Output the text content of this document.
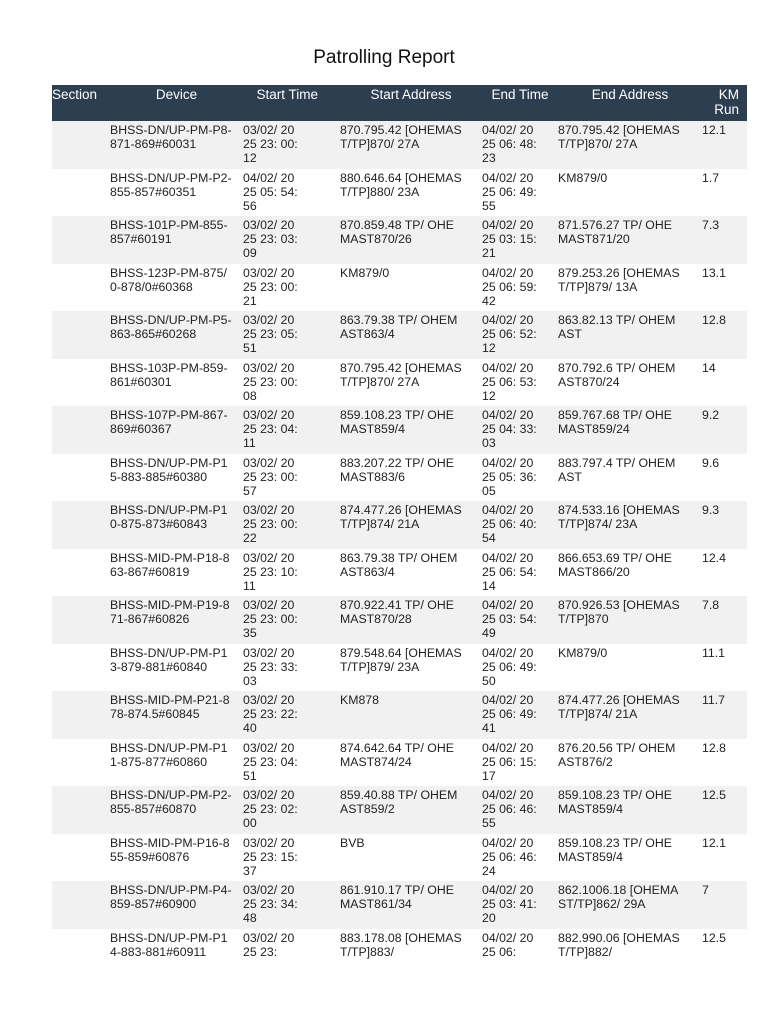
Patrolling Report
Section	Device	Start Time	Start Address	End Time	End Address	KM Run

	BHSS-DN/UP-PM-P8-871-869#60031	03/02/ 2025 23: 00:12	870.795.42 [OHEMAST/TP]870/ 27A	04/02/ 2025 06: 48:23	870.795.42 [OHEMAST/TP]870/ 27A	12.1

	BHSS-DN/UP-PM-P2-855-857#60351	04/02/ 2025 05: 54:56	880.646.64 [OHEMAST/TP]880/ 23A	04/02/ 2025 06: 49:55	KM879/0	1.7

	BHSS-101P-PM-855-857#60191	03/02/ 2025 23: 03:09	870.859.48 TP/ OHEMAST870/26	04/02/ 2025 03: 15:21	871.576.27 TP/ OHEMAST871/20	7.3

	BHSS-123P-PM-875/ 0-878/0#60368	03/02/ 2025 23: 00:21	KM879/0	04/02/ 2025 06: 59:42	879.253.26 [OHEMAST/TP]879/ 13A	13.1

	BHSS-DN/UP-PM-P5-863-865#60268	03/02/ 2025 23: 05:51	863.79.38 TP/ OHEMAST863/4	04/02/ 2025 06: 52:12	863.82.13 TP/ OHEMAST	12.8

	BHSS-103P-PM-859-861#60301	03/02/ 2025 23: 00:08	870.795.42 [OHEMAST/TP]870/ 27A	04/02/ 2025 06: 53:12	870.792.6 TP/ OHEMAST870/24	14

	BHSS-107P-PM-867-869#60367	03/02/ 2025 23: 04:11	859.108.23 TP/ OHEMAST859/4	04/02/ 2025 04: 33:03	859.767.68 TP/ OHEMAST859/24	9.2

	BHSS-DN/UP-PM-P15-883-885#60380	03/02/ 2025 23: 00:57	883.207.22 TP/ OHEMAST883/6	04/02/ 2025 05: 36:05	883.797.4 TP/ OHEMAST	9.6

	BHSS-DN/UP-PM-P10-875-873#60843	03/02/ 2025 23: 00:22	874.477.26 [OHEMAST/TP]874/ 21A	04/02/ 2025 06: 40:54	874.533.16 [OHEMAST/TP]874/ 23A	9.3

	BHSS-MID-PM-P18-863-867#60819	03/02/ 2025 23: 10:11	863.79.38 TP/ OHEMAST863/4	04/02/ 2025 06: 54:14	866.653.69 TP/ OHEMAST866/20	12.4

	BHSS-MID-PM-P19-871-867#60826	03/02/ 2025 23: 00:35	870.922.41 TP/ OHEMAST870/28	04/02/ 2025 03: 54:49	870.926.53 [OHEMAST/TP]870	7.8

	BHSS-DN/UP-PM-P13-879-881#60840	03/02/ 2025 23: 33:03	879.548.64 [OHEMAST/TP]879/ 23A	04/02/ 2025 06: 49:50	KM879/0	11.1

	BHSS-MID-PM-P21-878-874.5#60845	03/02/ 2025 23: 22:40	KM878	04/02/ 2025 06: 49:41	874.477.26 [OHEMAST/TP]874/ 21A	11.7

	BHSS-DN/UP-PM-P11-875-877#60860	03/02/ 2025 23: 04:51	874.642.64 TP/ OHEMAST874/24	04/02/ 2025 06: 15:17	876.20.56 TP/ OHEMAST876/2	12.8

	BHSS-DN/UP-PM-P2-855-857#60870	03/02/ 2025 23: 02:00	859.40.88 TP/ OHEMAST859/2	04/02/ 2025 06: 46:55	859.108.23 TP/ OHEMAST859/4	12.5

	BHSS-MID-PM-P16-855-859#60876	03/02/ 2025 23: 15:37	BVB	04/02/ 2025 06: 46:24	859.108.23 TP/ OHEMAST859/4	12.1

	BHSS-DN/UP-PM-P4-859-857#60900	03/02/ 2025 23: 34:48	861.910.17 TP/ OHEMAST861/34	04/02/ 2025 03: 41:20	862.1006.18 [OHEMAST/TP]862/ 29A	7

	BHSS-DN/UP-PM-P14-883-881#60911	03/02/ 2025 23:	883.178.08 [OHEMAST/TP]883/	04/02/ 2025 06:	882.990.06 [OHEMAST/TP]882/	12.5
